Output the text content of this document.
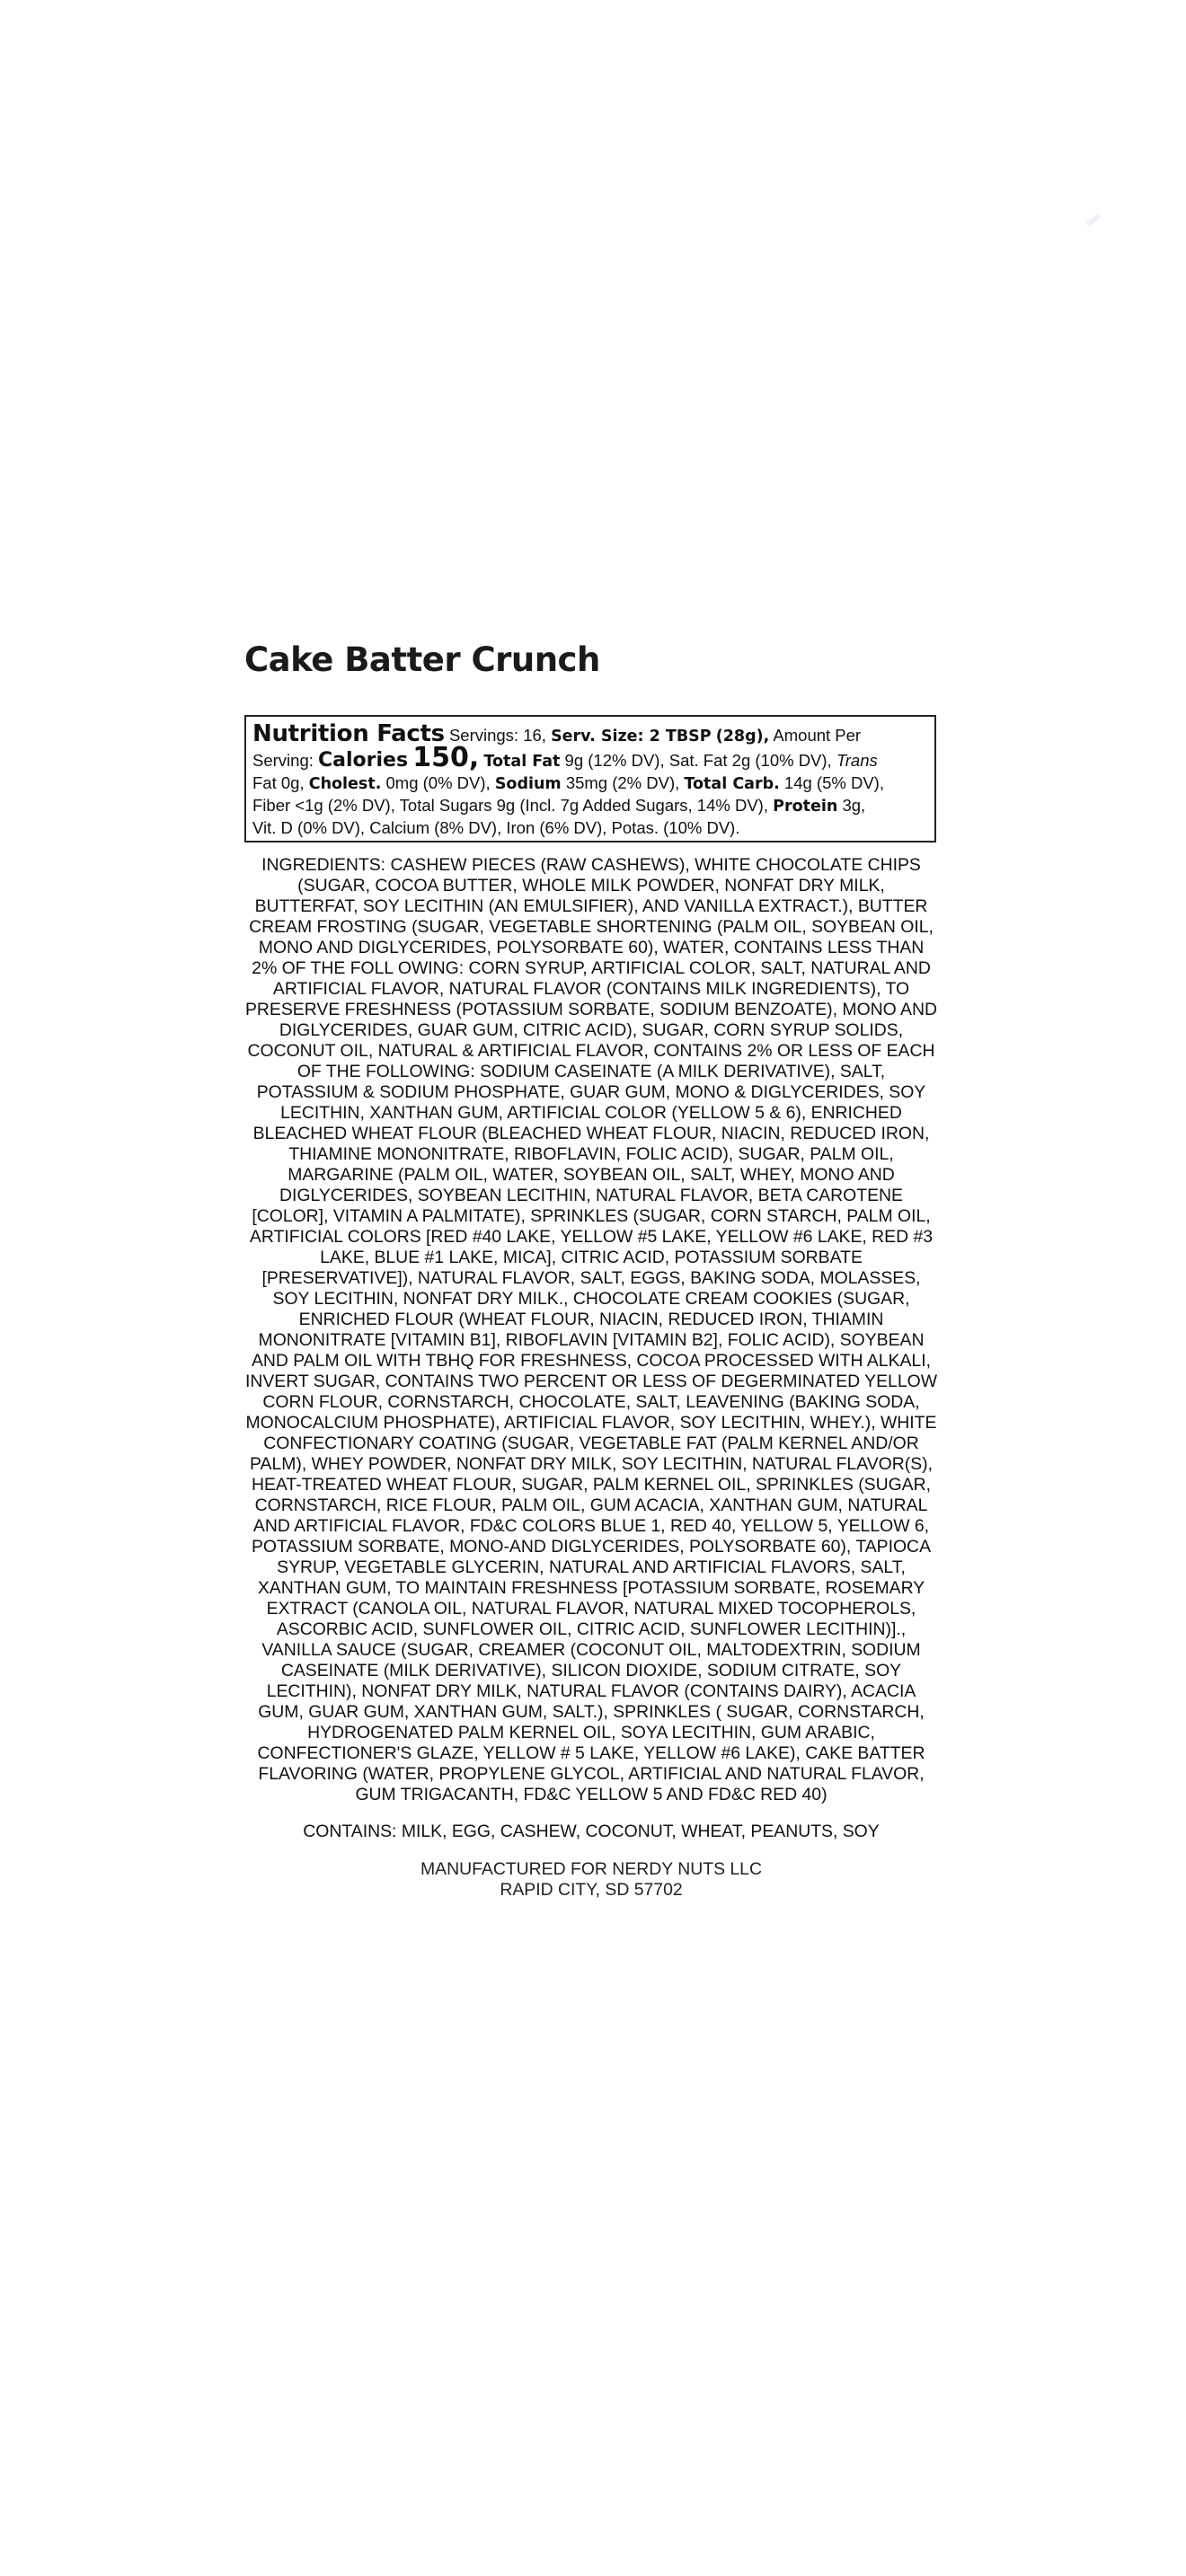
Cake Batter Crunch
Nutrition Facts Servings: 16, Serv. Size: 2 TBSP (28g), Amount Per
Serving: Calories 150, Total Fat 9g (12% DV), Sat. Fat 2g (10% DV), Trans
Fat 0g, Cholest. 0mg (0% DV), Sodium 35mg (2% DV), Total Carb. 14g (5% DV),
Fiber <1g (2% DV), Total Sugars 9g (Incl. 7g Added Sugars, 14% DV), Protein 3g,
Vit. D (0% DV), Calcium (8% DV), Iron (6% DV), Potas. (10% DV).
INGREDIENTS: CASHEW PIECES (RAW CASHEWS), WHITE CHOCOLATE CHIPS
(SUGAR, COCOA BUTTER, WHOLE MILK POWDER, NONFAT DRY MILK,
BUTTERFAT, SOY LECITHIN (AN EMULSIFIER), AND VANILLA EXTRACT.), BUTTER
CREAM FROSTING (SUGAR, VEGETABLE SHORTENING (PALM OIL, SOYBEAN OIL,
MONO AND DIGLYCERIDES, POLYSORBATE 60), WATER, CONTAINS LESS THAN
2% OF THE FOLL OWING: CORN SYRUP, ARTIFICIAL COLOR, SALT, NATURAL AND
ARTIFICIAL FLAVOR, NATURAL FLAVOR (CONTAINS MILK INGREDIENTS), TO
PRESERVE FRESHNESS (POTASSIUM SORBATE, SODIUM BENZOATE), MONO AND
DIGLYCERIDES, GUAR GUM, CITRIC ACID), SUGAR, CORN SYRUP SOLIDS,
COCONUT OIL, NATURAL & ARTIFICIAL FLAVOR, CONTAINS 2% OR LESS OF EACH
OF THE FOLLOWING: SODIUM CASEINATE (A MILK DERIVATIVE), SALT,
POTASSIUM & SODIUM PHOSPHATE, GUAR GUM, MONO & DIGLYCERIDES, SOY
LECITHIN, XANTHAN GUM, ARTIFICIAL COLOR (YELLOW 5 & 6), ENRICHED
BLEACHED WHEAT FLOUR (BLEACHED WHEAT FLOUR, NIACIN, REDUCED IRON,
THIAMINE MONONITRATE, RIBOFLAVIN, FOLIC ACID), SUGAR, PALM OIL,
MARGARINE (PALM OIL, WATER, SOYBEAN OIL, SALT, WHEY, MONO AND
DIGLYCERIDES, SOYBEAN LECITHIN, NATURAL FLAVOR, BETA CAROTENE
[COLOR], VITAMIN A PALMITATE), SPRINKLES (SUGAR, CORN STARCH, PALM OIL,
ARTIFICIAL COLORS [RED #40 LAKE, YELLOW #5 LAKE, YELLOW #6 LAKE, RED #3
LAKE, BLUE #1 LAKE, MICA], CITRIC ACID, POTASSIUM SORBATE
[PRESERVATIVE]), NATURAL FLAVOR, SALT, EGGS, BAKING SODA, MOLASSES,
SOY LECITHIN, NONFAT DRY MILK., CHOCOLATE CREAM COOKIES (SUGAR,
ENRICHED FLOUR (WHEAT FLOUR, NIACIN, REDUCED IRON, THIAMIN
MONONITRATE [VITAMIN B1], RIBOFLAVIN [VITAMIN B2], FOLIC ACID), SOYBEAN
AND PALM OIL WITH TBHQ FOR FRESHNESS, COCOA PROCESSED WITH ALKALI,
INVERT SUGAR, CONTAINS TWO PERCENT OR LESS OF DEGERMINATED YELLOW
CORN FLOUR, CORNSTARCH, CHOCOLATE, SALT, LEAVENING (BAKING SODA,
MONOCALCIUM PHOSPHATE), ARTIFICIAL FLAVOR, SOY LECITHIN, WHEY.), WHITE
CONFECTIONARY COATING (SUGAR, VEGETABLE FAT (PALM KERNEL AND/OR
PALM), WHEY POWDER, NONFAT DRY MILK, SOY LECITHIN, NATURAL FLAVOR(S),
HEAT-TREATED WHEAT FLOUR, SUGAR, PALM KERNEL OIL, SPRINKLES (SUGAR,
CORNSTARCH, RICE FLOUR, PALM OIL, GUM ACACIA, XANTHAN GUM, NATURAL
AND ARTIFICIAL FLAVOR, FD&C COLORS BLUE 1, RED 40, YELLOW 5, YELLOW 6,
POTASSIUM SORBATE, MONO-AND DIGLYCERIDES, POLYSORBATE 60), TAPIOCA
SYRUP, VEGETABLE GLYCERIN, NATURAL AND ARTIFICIAL FLAVORS, SALT,
XANTHAN GUM, TO MAINTAIN FRESHNESS [POTASSIUM SORBATE, ROSEMARY
EXTRACT (CANOLA OIL, NATURAL FLAVOR, NATURAL MIXED TOCOPHEROLS,
ASCORBIC ACID, SUNFLOWER OIL, CITRIC ACID, SUNFLOWER LECITHIN)].,
VANILLA SAUCE (SUGAR, CREAMER (COCONUT OIL, MALTODEXTRIN, SODIUM
CASEINATE (MILK DERIVATIVE), SILICON DIOXIDE, SODIUM CITRATE, SOY
LECITHIN), NONFAT DRY MILK, NATURAL FLAVOR (CONTAINS DAIRY), ACACIA
GUM, GUAR GUM, XANTHAN GUM, SALT.), SPRINKLES ( SUGAR, CORNSTARCH,
HYDROGENATED PALM KERNEL OIL, SOYA LECITHIN, GUM ARABIC,
CONFECTIONER'S GLAZE, YELLOW # 5 LAKE, YELLOW #6 LAKE), CAKE BATTER
FLAVORING (WATER, PROPYLENE GLYCOL, ARTIFICIAL AND NATURAL FLAVOR,
GUM TRIGACANTH, FD&C YELLOW 5 AND FD&C RED 40)

CONTAINS: MILK, EGG, CASHEW, COCONUT, WHEAT, PEANUTS, SOY

MANUFACTURED FOR NERDY NUTS LLC
RAPID CITY, SD 57702
